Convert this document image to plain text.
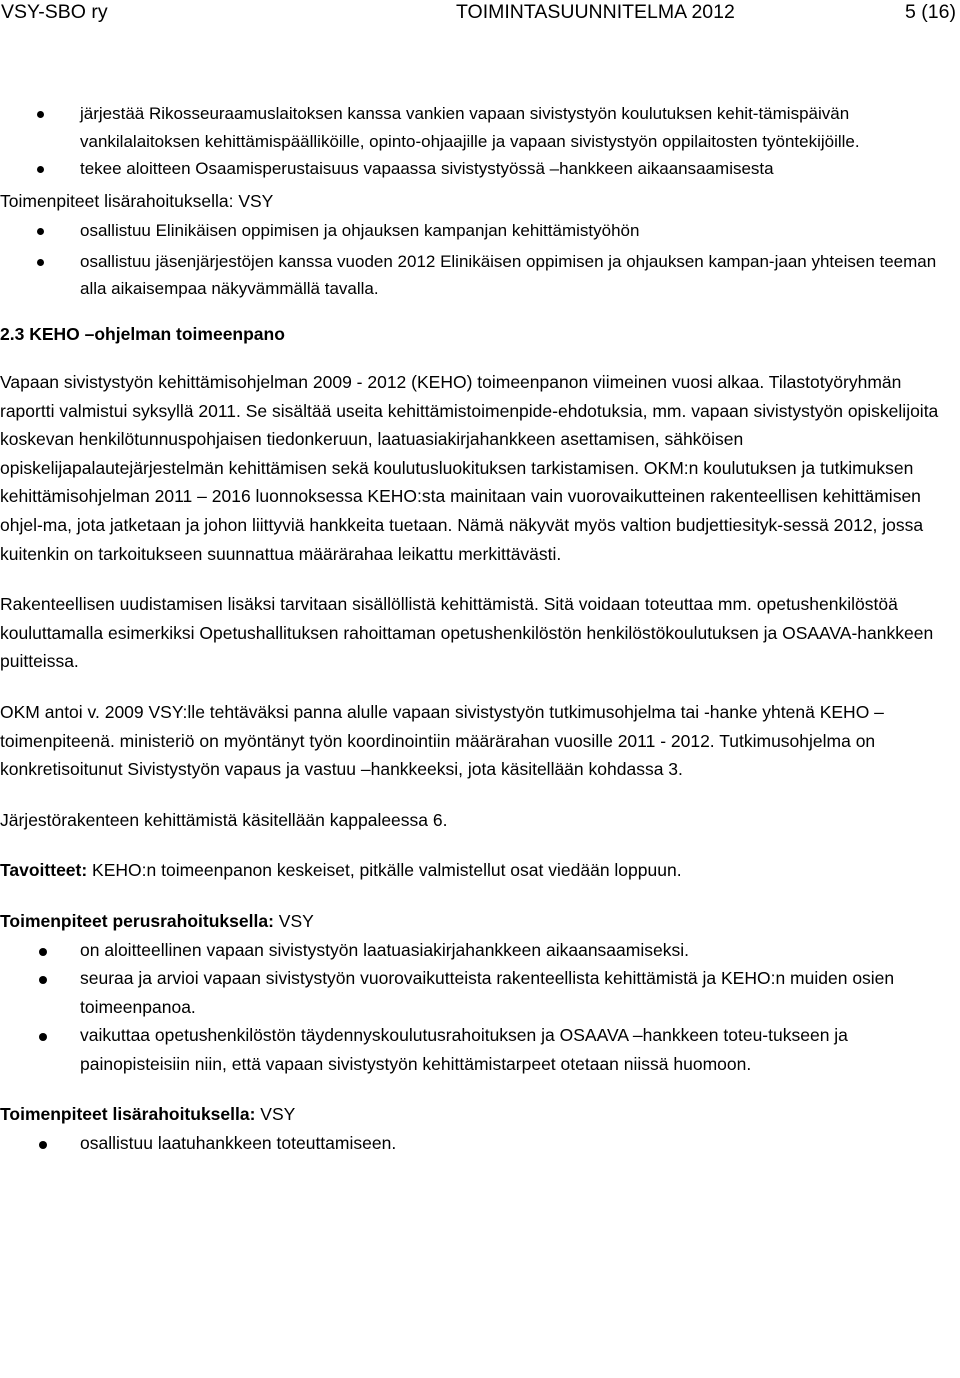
VSY-SBO ry	TOIMINTASUUNNITELMA 2012	5 (16)
järjestää Rikosseuraamuslaitoksen kanssa vankien vapaan sivistystyön koulutuksen kehit-tämispäivän vankilalaitoksen kehittämispäälliköille, opinto-ohjaajille ja vapaan sivistystyön oppilaitosten työntekijöille.
tekee aloitteen Osaamisperustaisuus vapaassa sivistystyössä –hankkeen aikaansaamisesta

Toimenpiteet lisärahoituksella: VSY

osallistuu Elinikäisen oppimisen ja ohjauksen kampanjan kehittämistyöhön
osallistuu jäsenjärjestöjen kanssa vuoden 2012 Elinikäisen oppimisen ja ohjauksen kampan-jaan yhteisen teeman alla aikaisempaa näkyvämmällä tavalla.

2.3 KEHO –ohjelman toimeenpano

Vapaan sivistystyön kehittämisohjelman 2009 - 2012 (KEHO) toimeenpanon viimeinen vuosi alkaa. Tilastotyöryhmän raportti valmistui syksyllä 2011. Se sisältää useita kehittämistoimenpide-ehdotuksia, mm. vapaan sivistystyön opiskelijoita koskevan henkilötunnuspohjaisen tiedonkeruun, laatuasiakirjahankkeen asettamisen, sähköisen opiskelijapalautejärjestelmän kehittämisen sekä koulutusluokituksen tarkistamisen. OKM:n koulutuksen ja tutkimuksen kehittämisohjelman 2011 – 2016 luonnoksessa KEHO:sta mainitaan vain vuorovaikutteinen rakenteellisen kehittämisen ohjel-ma, jota jatketaan ja johon liittyviä hankkeita tuetaan. Nämä näkyvät myös valtion budjettiesityk-sessä 2012, jossa kuitenkin on tarkoitukseen suunnattua määrärahaa leikattu merkittävästi.

Rakenteellisen uudistamisen lisäksi tarvitaan sisällöllistä kehittämistä. Sitä voidaan toteuttaa mm. opetushenkilöstöä kouluttamalla esimerkiksi Opetushallituksen rahoittaman opetushenkilöstön henkilöstökoulutuksen ja OSAAVA-hankkeen puitteissa.

OKM antoi v. 2009 VSY:lle tehtäväksi panna alulle vapaan sivistystyön tutkimusohjelma tai -hanke yhtenä KEHO –toimenpiteenä. ministeriö on myöntänyt työn koordinointiin määrärahan vuosille 2011 - 2012. Tutkimusohjelma on konkretisoitunut Sivistystyön vapaus ja vastuu –hankkeeksi, jota käsitellään kohdassa 3.

Järjestörakenteen kehittämistä käsitellään kappaleessa 6.

Tavoitteet: KEHO:n toimeenpanon keskeiset, pitkälle valmistellut osat viedään loppuun.

Toimenpiteet perusrahoituksella: VSY

on aloitteellinen vapaan sivistystyön laatuasiakirjahankkeen aikaansaamiseksi.
seuraa ja arvioi vapaan sivistystyön vuorovaikutteista rakenteellista kehittämistä ja KEHO:n muiden osien toimeenpanoa.
vaikuttaa opetushenkilöstön täydennyskoulutusrahoituksen ja OSAAVA –hankkeen toteu-tukseen ja painopisteisiin niin, että vapaan sivistystyön kehittämistarpeet otetaan niissä huomoon.

Toimenpiteet lisärahoituksella: VSY

osallistuu laatuhankkeen toteuttamiseen.
